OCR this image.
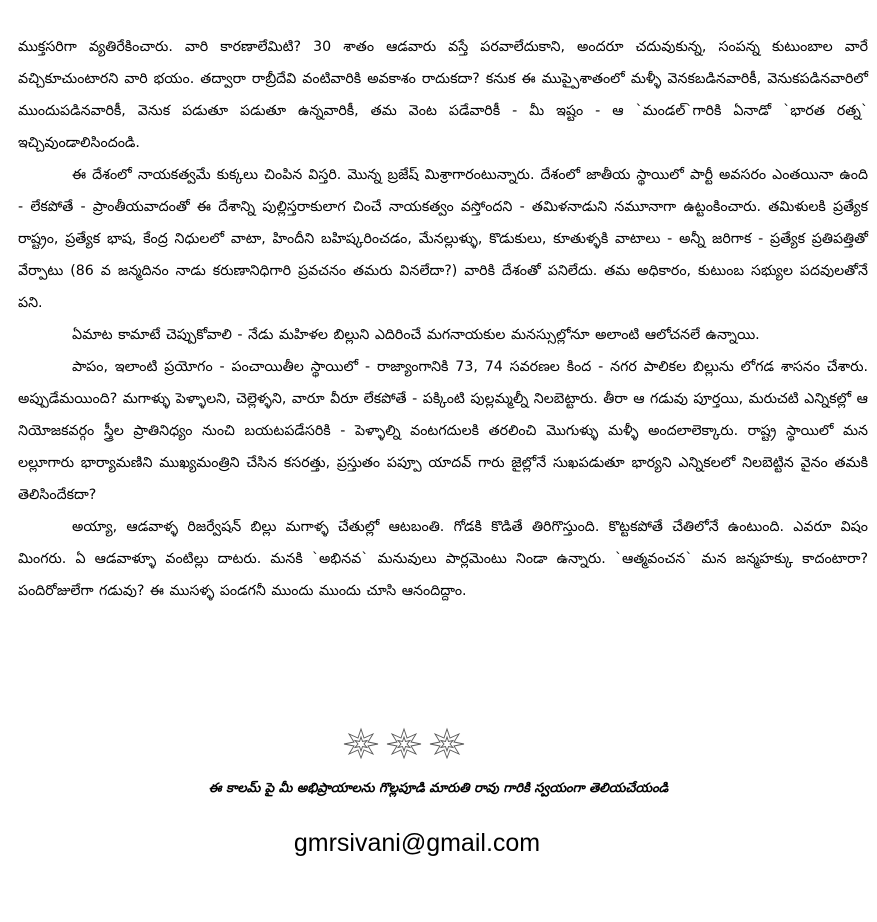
ముక్తసరిగా వ్యతిరేకించారు. వారి కారణాలేమిటి? 30 శాతం ఆడవారు వస్తే పరవాలేదుకాని, అందరూ చదువుకున్న, సంపన్న కుటుంబాల వారే వచ్చికూచుంటారని వారి భయం. తద్వారా రాబ్రీదేవి వంటివారికి అవకాశం రాదుకదా? కనుక ఈ ముప్పైశాతంలో మళ్ళీ వెనకబడినవారికీ, వెనుకపడినవారిలో ముందుపడినవారికీ, వెనుక పడుతూ పడుతూ ఉన్నవారికీ, తమ వెంట పడేవారికీ - మీ ఇష్టం - ఆ `మండల్`గారికి ఏనాడో `భారత రత్న` ఇచ్చివుండాలిసిందండి.

ఈ దేశంలో నాయకత్వమే కుక్కలు చింపిన విస్తరి. మొన్న బ్రజేష్ మిశ్రాగారంటున్నారు. దేశంలో జాతీయ స్థాయిలో పార్టీ అవసరం ఎంతయినా ఉంది - లేకపోతే - ప్రాంతీయవాదంతో ఈ దేశాన్ని పుల్లిస్తరాకులాగ చించే నాయకత్వం వస్తోందని - తమిళనాడుని నమూనాగా ఉట్టంకించారు. తమిళులకి ప్రత్యేక రాష్ట్రం, ప్రత్యేక భాష, కేంద్ర నిధులలో వాటా, హిందీని బహిష్కరించడం, మేనల్లుళ్ళు, కొడుకులు, కూతుళ్ళకి వాటాలు - అన్నీ జరిగాక - ప్రత్యేక ప్రతిపత్తితో వేర్పాటు (86 వ జన్మదినం నాడు కరుణానిధిగారి ప్రవచనం తమరు వినలేదా?) వారికి దేశంతో పనిలేదు. తమ అధికారం, కుటుంబ సభ్యుల పదవులతోనే పని.

ఏమాట కామాటే చెప్పుకోవాలి - నేడు మహిళల బిల్లుని ఎదిరించే మగనాయకుల మనస్సుల్లోనూ అలాంటి ఆలోచనలే ఉన్నాయి.

పాపం, ఇలాంటి ప్రయోగం - పంచాయితీల స్థాయిలో - రాజ్యాంగానికి 73, 74 సవరణల కింద - నగర పాలికల బిల్లును లోగడ శాసనం చేశారు. అప్పుడేమయింది? మగాళ్ళు పెళ్ళాలని, చెల్లెళ్ళని, వారూ వీరూ లేకపోతే - పక్కింటి పుల్లమ్మల్నీ నిలబెట్టారు. తీరా ఆ గడువు పూర్తయి, మరుచటి ఎన్నికల్లో ఆ నియోజకవర్గం స్త్రీల ప్రాతినిధ్యం నుంచి బయటపడేసరికి - పెళ్ళాల్ని వంటగదులకి తరలించి మొగుళ్ళు మళ్ళీ అందలాలెక్కారు. రాష్ట్ర స్థాయిలో మన లల్లూగారు భార్యామణిని ముఖ్యమంత్రిని చేసిన కసరత్తు, ప్రస్తుతం పప్పూ యాదవ్ గారు జైల్లోనే సుఖపడుతూ భార్యని ఎన్నికలలో నిలబెట్టిన వైనం తమకి తెలిసిందేకదా?

అయ్యా, ఆడవాళ్ళ రిజర్వేషన్ బిల్లు మగాళ్ళ చేతుల్లో ఆటబంతి. గోడకి కొడితే తిరిగొస్తుంది. కొట్టకపోతే చేతిలోనే ఉంటుంది. ఎవరూ విషం మింగరు. ఏ ఆడవాళ్ళూ వంటిల్లు దాటరు. మనకి `అభినవ` మనువులు పార్లమెంటు నిండా ఉన్నారు. `ఆత్మవంచన` మన జన్మహక్కు కాదంటారా? పందిరోజులేగా గడువు? ఈ ముసళ్ళ పండగనీ ముందు ముందు చూసి ఆనందిద్దాం.

ఈ కాలమ్ పై మీ అభిప్రాయాలను గొల్లపూడి మారుతి రావు గారికి స్వయంగా తెలియచేయండి
gmrsivani@gmail.com
